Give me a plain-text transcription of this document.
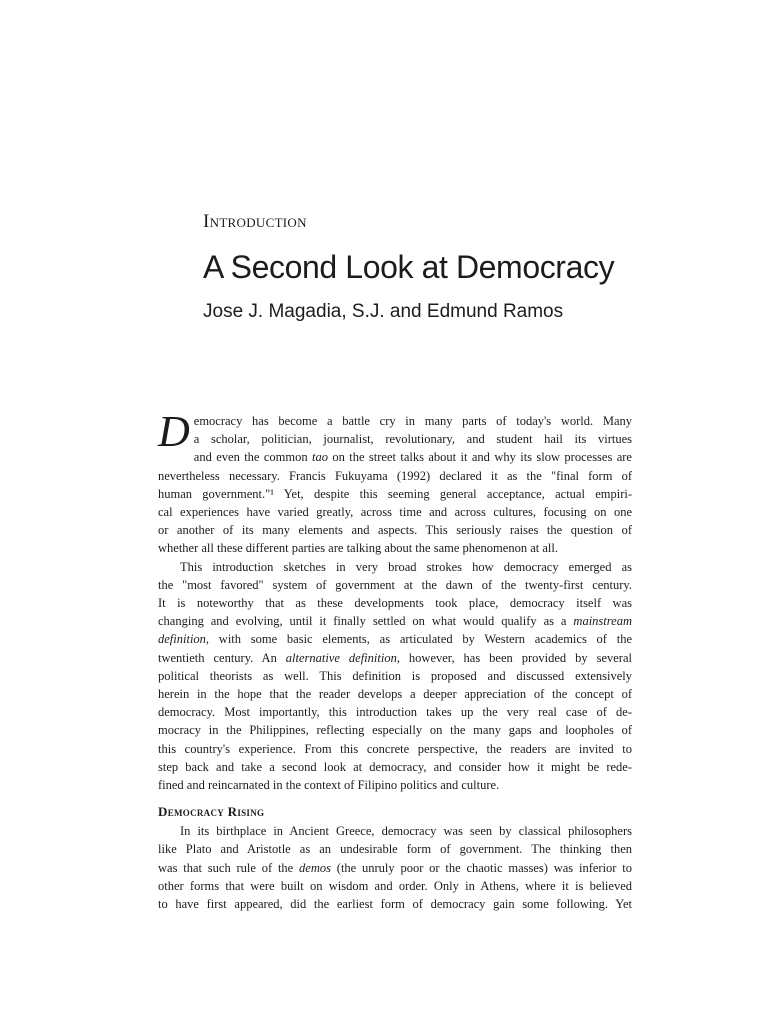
Introduction
A Second Look at Democracy
Jose J. Magadia, S.J. and Edmund Ramos
D emocracy has become a battle cry in many parts of today's world. Many
a scholar, politician, journalist, revolutionary, and student hail its virtues
and even the common tao on the street talks about it and why its slow processes are
nevertheless necessary. Francis Fukuyama (1992) declared it as the "final form of
human government."¹ Yet, despite this seeming general acceptance, actual empiri-
cal experiences have varied greatly, across time and across cultures, focusing on one
or another of its many elements and aspects. This seriously raises the question of
whether all these different parties are talking about the same phenomenon at all.
This introduction sketches in very broad strokes how democracy emerged as
the "most favored" system of government at the dawn of the twenty-first century.
It is noteworthy that as these developments took place, democracy itself was
changing and evolving, until it finally settled on what would qualify as a mainstream
definition, with some basic elements, as articulated by Western academics of the
twentieth century. An alternative definition, however, has been provided by several
political theorists as well. This definition is proposed and discussed extensively
herein in the hope that the reader develops a deeper appreciation of the concept of
democracy. Most importantly, this introduction takes up the very real case of de-
mocracy in the Philippines, reflecting especially on the many gaps and loopholes of
this country's experience. From this concrete perspective, the readers are invited to
step back and take a second look at democracy, and consider how it might be rede-
fined and reincarnated in the context of Filipino politics and culture.
Democracy Rising
In its birthplace in Ancient Greece, democracy was seen by classical philosophers
like Plato and Aristotle as an undesirable form of government. The thinking then
was that such rule of the demos (the unruly poor or the chaotic masses) was inferior to
other forms that were built on wisdom and order. Only in Athens, where it is believed
to have first appeared, did the earliest form of democracy gain some following. Yet
